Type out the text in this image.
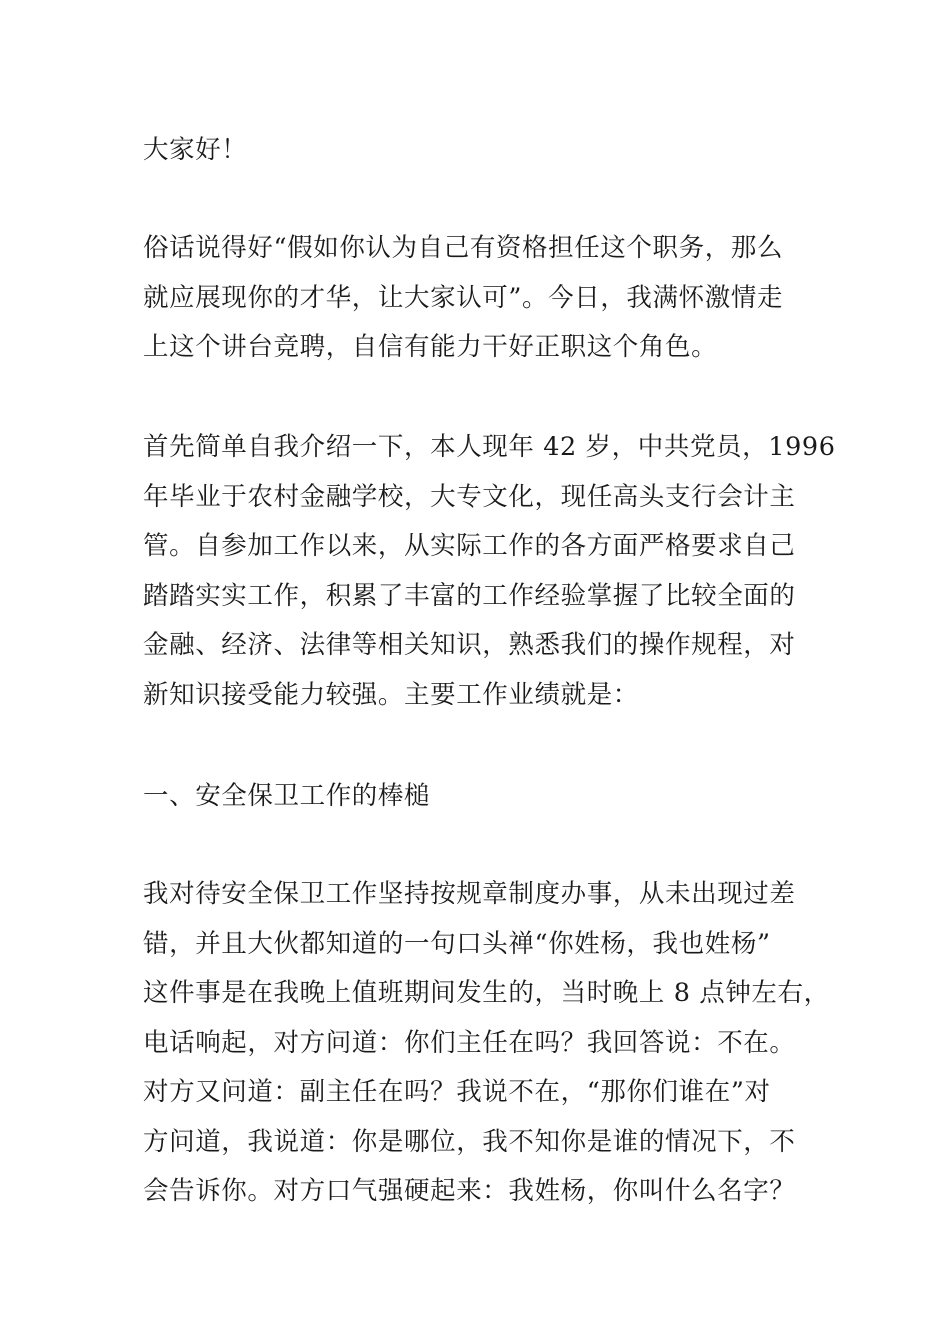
大家好！

俗话说得好“假如你认为自己有资格担任这个职务，那么
就应展现你的才华，让大家认可”。今日，我满怀激情走
上这个讲台竞聘，自信有能力干好正职这个角色。

首先简单自我介绍一下，本人现年 42 岁，中共党员，1996
年毕业于农村金融学校，大专文化，现任高头支行会计主
管。自参加工作以来，从实际工作的各方面严格要求自己
踏踏实实工作，积累了丰富的工作经验掌握了比较全面的
金融、经济、法律等相关知识，熟悉我们的操作规程，对
新知识接受能力较强。主要工作业绩就是：

一、安全保卫工作的棒槌

我对待安全保卫工作坚持按规章制度办事，从未出现过差
错，并且大伙都知道的一句口头禅“你姓杨，我也姓杨”
这件事是在我晚上值班期间发生的，当时晚上 8 点钟左右，
电话响起，对方问道：你们主任在吗？我回答说：不在。
对方又问道：副主任在吗？我说不在，“那你们谁在”对
方问道，我说道：你是哪位，我不知你是谁的情况下，不
会告诉你。对方口气强硬起来：我姓杨，你叫什么名字？
